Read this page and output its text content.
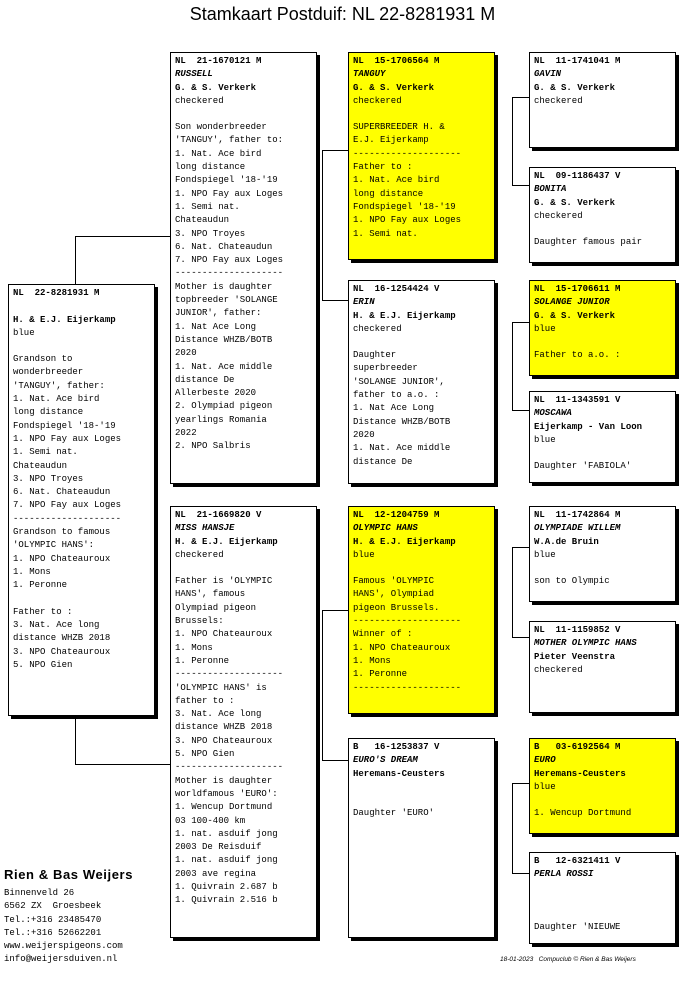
Stamkaart Postduif: NL 22-8281931 M
NL  22-8281931 M

H. & E.J. Eijerkamp
blue
Grandson to
wonderbreeder
'TANGUY', father:
1. Nat. Ace bird
long distance
Fondspiegel '18-'19
1. NPO Fay aux Loges
1. Semi nat.
Chateaudun
3. NPO Troyes
6. Nat. Chateaudun
7. NPO Fay aux Loges
--------------------
Grandson to famous
'OLYMPIC HANS':
1. NPO Chateauroux
1. Mons
1. Peronne

Father to :
3. Nat. Ace long
distance WHZB 2018
3. NPO Chateauroux
5. NPO Gien
NL  21-1670121 M
RUSSELL
G. & S. Verkerk
checkered
Son wonderbreeder
'TANGUY', father to:
1. Nat. Ace bird
long distance
Fondspiegel '18-'19
1. NPO Fay aux Loges
1. Semi nat.
Chateaudun
3. NPO Troyes
6. Nat. Chateaudun
7. NPO Fay aux Loges
--------------------
Mother is daughter
topbreeder 'SOLANGE
JUNIOR', father:
1. Nat Ace Long
Distance WHZB/BOTB
2020
1. Nat. Ace middle
distance De
Allerbeste 2020
2. Olympiad pigeon
yearlings Romania
2022
2. NPO Salbris
NL  21-1669820 V
MISS HANSJE
H. & E.J. Eijerkamp
checkered
Father is 'OLYMPIC
HANS', famous
Olympiad pigeon
Brussels:
1. NPO Chateauroux
1. Mons
1. Peronne
--------------------
'OLYMPIC HANS' is
father to :
3. Nat. Ace long
distance WHZB 2018
3. NPO Chateauroux
5. NPO Gien
--------------------
Mother is daughter
worldfamous 'EURO':
1. Wencup Dortmund
03 100-400 km
1. nat. asduif jong
2003 De Reisduif
1. nat. asduif jong
2003 ave regina
1. Quivrain 2.687 b
1. Quivrain 2.516 b
NL  15-1706564 M
TANGUY
G. & S. Verkerk
checkered
SUPERBREEDER H. &
E.J. Eijerkamp
--------------------
Father to :
1. Nat. Ace bird
long distance
Fondspiegel '18-'19
1. NPO Fay aux Loges
1. Semi nat.
NL  16-1254424 V
ERIN
H. & E.J. Eijerkamp
checkered
Daughter
superbreeder
'SOLANGE JUNIOR',
father to a.o. :
1. Nat Ace Long
Distance WHZB/BOTB
2020
1. Nat. Ace middle
distance De
NL  12-1204759 M
OLYMPIC HANS
H. & E.J. Eijerkamp
blue
Famous 'OLYMPIC
HANS', Olympiad
pigeon Brussels.
--------------------
Winner of :
1. NPO Chateauroux
1. Mons
1. Peronne
--------------------
B   16-1253837 V
EURO'S DREAM
Heremans-Ceusters

Daughter 'EURO'
NL  11-1741041 M
GAVIN
G. & S. Verkerk
checkered
NL  09-1186437 V
BONITA
G. & S. Verkerk
checkered
Daughter famous pair
NL  15-1706611 M
SOLANGE JUNIOR
G. & S. Verkerk
blue
Father to a.o. :
NL  11-1343591 V
MOSCAWA
Eijerkamp - Van Loon
blue
Daughter 'FABIOLA'
NL  11-1742864 M
OLYMPIADE WILLEM
W.A.de Bruin
blue
son to Olympic
NL  11-1159852 V
MOTHER OLYMPIC HANS
Pieter Veenstra
checkered
B   03-6192564 M
EURO
Heremans-Ceusters
blue
1. Wencup Dortmund
B   12-6321411 V
PERLA ROSSI

Daughter 'NIEUWE
Rien & Bas Weijers
Binnenveld 26
6562 ZX  Groesbeek
Tel.:+316 23485470
Tel.:+316 52662201
www.weijerspigeons.com
info@weijersduiven.nl	18-01-2023   Compuclub © Rien & Bas Weijers
